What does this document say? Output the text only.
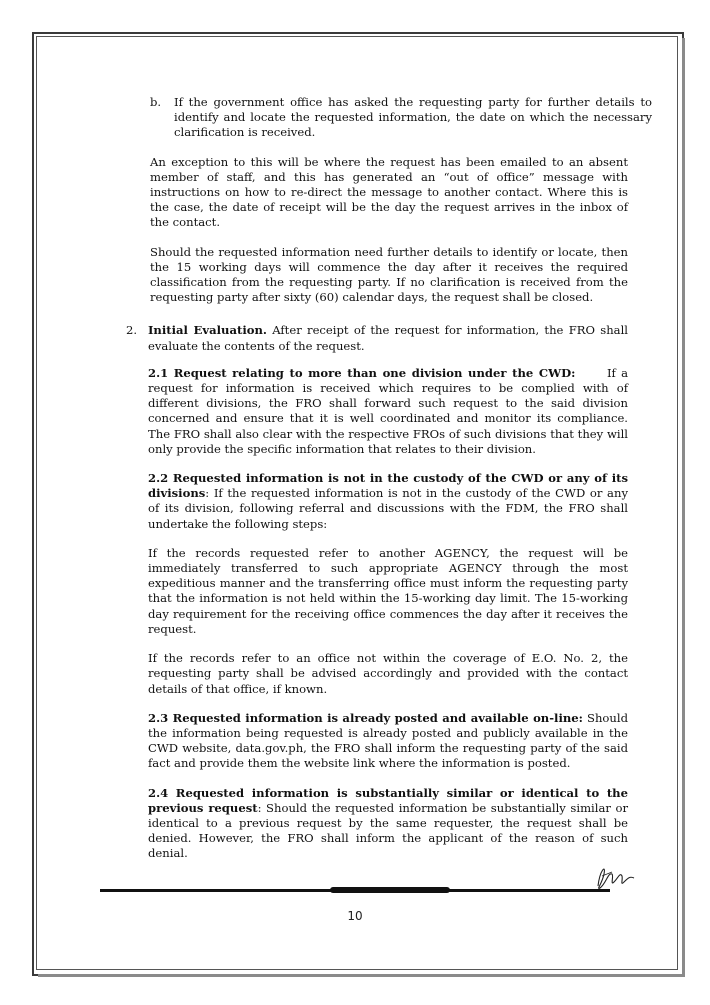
b. If the government office has asked the requesting party for further details to identify and locate the requested information, the date on which the necessary clarification is received.

An exception to this will be where the request has been emailed to an absent member of staff, and this has generated an “out of office” message with instructions on how to re-direct the message to another contact. Where this is the case, the date of receipt will be the day the request arrives in the inbox of the contact.

Should the requested information need further details to identify or locate, then the 15 working days will commence the day after it receives the required classification from the requesting party. If no clarification is received from the requesting party after sixty (60) calendar days, the request shall be closed.

2. Initial Evaluation. After receipt of the request for information, the FRO shall evaluate the contents of the request.

2.1 Request relating to more than one division under the CWD:      If a request for information is received which requires to be complied with of different divisions, the FRO shall forward such request to the said division concerned and ensure that it is well coordinated and monitor its compliance.  The FRO shall also clear with the respective FROs of such divisions that they will only provide the specific information that relates to their division.

2.2 Requested information is not in the custody of the CWD or any of its divisions: If the requested information is not in the custody of the CWD or any of its division, following referral and discussions with the FDM, the FRO shall undertake the following steps:

If the records requested refer to another AGENCY, the request will be immediately transferred to such appropriate AGENCY through the most expeditious manner and the transferring office must inform the requesting party that the information is not held within the 15-working day limit. The 15-working day requirement for the receiving office commences the day after it receives the request.

If the records refer to an office not within the coverage of E.O. No. 2, the requesting party shall be advised accordingly and provided with the contact details of that office, if known.

2.3 Requested information is already posted and available on-line: Should the information being requested is already posted and publicly available in the CWD website, data.gov.ph, the FRO shall inform the requesting party of the said fact and provide them the website link where the information is posted.

2.4 Requested information is substantially similar or identical to the previous request: Should the requested information be substantially similar or identical to a previous request by the same requester, the request shall be denied. However, the FRO shall inform the applicant of the reason of such denial.

10
